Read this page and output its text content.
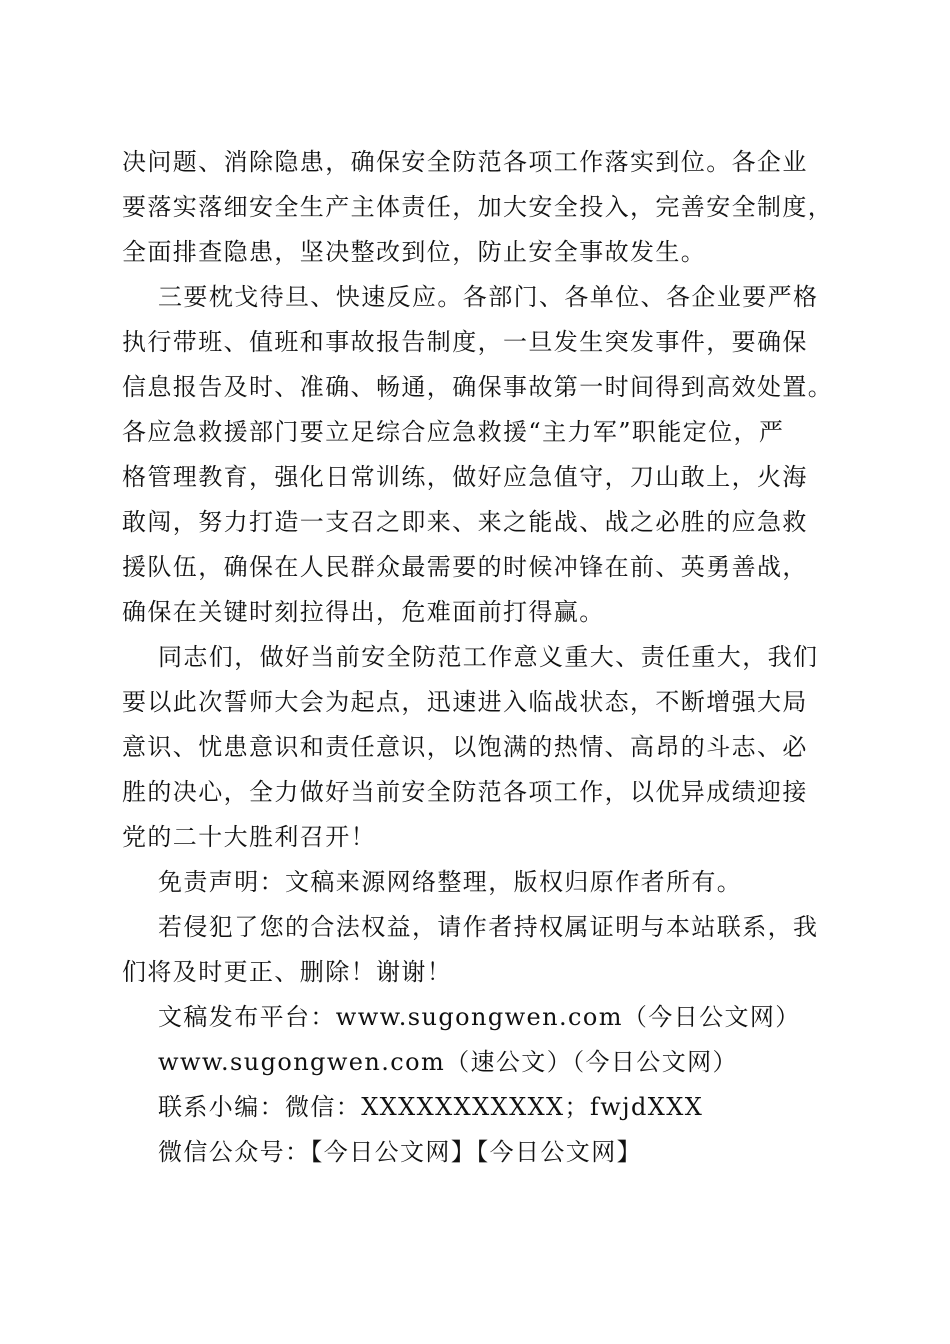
决问题、消除隐患，确保安全防范各项工作落实到位。各企业
要落实落细安全生产主体责任，加大安全投入，完善安全制度，
全面排查隐患，坚决整改到位，防止安全事故发生。

三要枕戈待旦、快速反应。各部门、各单位、各企业要严格
执行带班、值班和事故报告制度，一旦发生突发事件，要确保
信息报告及时、准确、畅通，确保事故第一时间得到高效处置。
各应急救援部门要立足综合应急救援“主力军”职能定位，严
格管理教育，强化日常训练，做好应急值守，刀山敢上，火海
敢闯，努力打造一支召之即来、来之能战、战之必胜的应急救
援队伍，确保在人民群众最需要的时候冲锋在前、英勇善战，
确保在关键时刻拉得出，危难面前打得赢。

同志们，做好当前安全防范工作意义重大、责任重大，我们
要以此次誓师大会为起点，迅速进入临战状态，不断增强大局
意识、忧患意识和责任意识，以饱满的热情、高昂的斗志、必
胜的决心，全力做好当前安全防范各项工作，以优异成绩迎接
党的二十大胜利召开！

免责声明：文稿来源网络整理，版权归原作者所有。

若侵犯了您的合法权益，请作者持权属证明与本站联系，我
们将及时更正、删除！谢谢！

文稿发布平台：www.sugongwen.com（今日公文网）

www.sugongwen.com（速公文）（今日公文网）

联系小编：微信：XXXXXXXXXXX；fwjdXXX

微信公众号：【今日公文网】【今日公文网】
